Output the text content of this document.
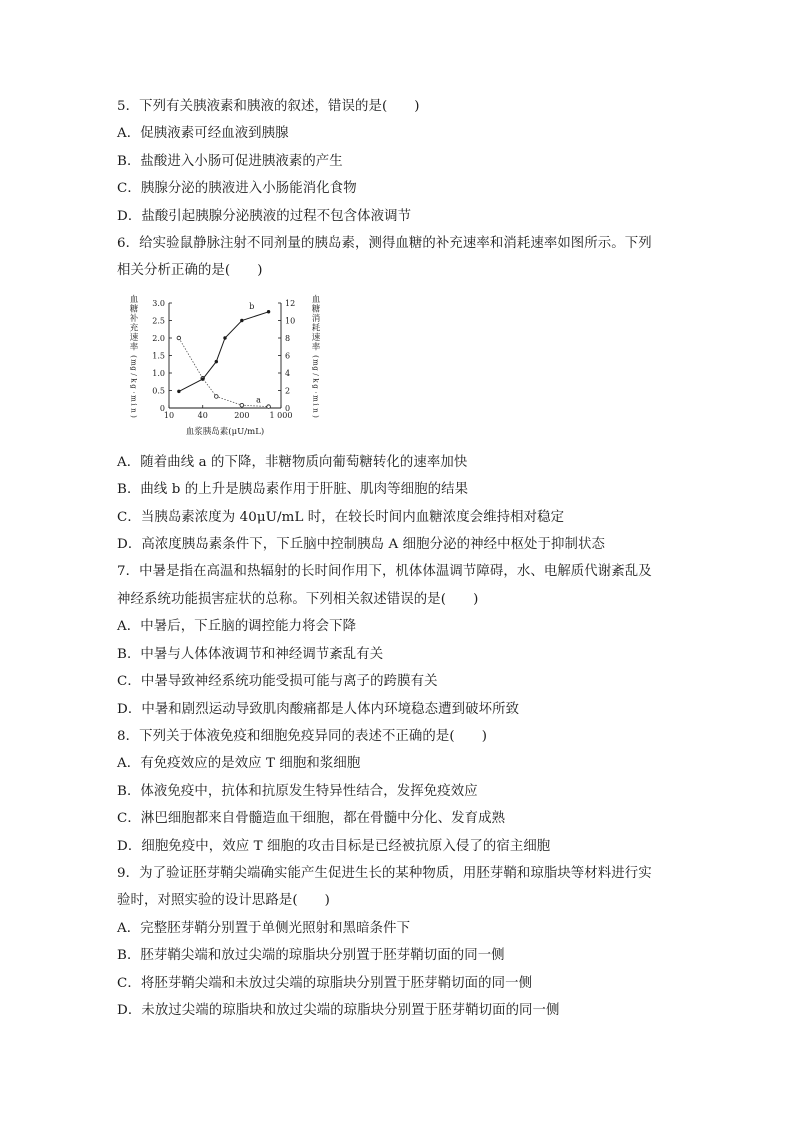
5．下列有关胰液素和胰液的叙述，错误的是(　　)
A．促胰液素可经血液到胰腺
B．盐酸进入小肠可促进胰液素的产生
C．胰腺分泌的胰液进入小肠能消化食物
D．盐酸引起胰腺分泌胰液的过程不包含体液调节
6．给实验鼠静脉注射不同剂量的胰岛素，测得血糖的补充速率和消耗速率如图所示。下列
相关分析正确的是(　　)
0
0.5
1.0
1.5
2.0
2.5
3.0
0
2
4
6
8
10
12
10	40	200	1 000
血
糖
补
充
速
率
(
m
g
/
k
g
·
m
i
n
)
血
糖
消
耗
速
率
(
m
g
/
k
g
·
m
i
n
)
血浆胰岛素(μU/mL)
a
b
A．随着曲线 a 的下降，非糖物质向葡萄糖转化的速率加快
B．曲线 b 的上升是胰岛素作用于肝脏、肌肉等细胞的结果
C．当胰岛素浓度为 40μU/mL 时，在较长时间内血糖浓度会维持相对稳定
D．高浓度胰岛素条件下，下丘脑中控制胰岛 A 细胞分泌的神经中枢处于抑制状态
7．中暑是指在高温和热辐射的长时间作用下，机体体温调节障碍，水、电解质代谢紊乱及
神经系统功能损害症状的总称。下列相关叙述错误的是(　　)
A．中暑后，下丘脑的调控能力将会下降
B．中暑与人体体液调节和神经调节紊乱有关
C．中暑导致神经系统功能受损可能与离子的跨膜有关
D．中暑和剧烈运动导致肌肉酸痛都是人体内环境稳态遭到破坏所致
8．下列关于体液免疫和细胞免疫异同的表述不正确的是(　　)
A．有免疫效应的是效应 T 细胞和浆细胞
B．体液免疫中，抗体和抗原发生特异性结合，发挥免疫效应
C．淋巴细胞都来自骨髓造血干细胞，都在骨髓中分化、发育成熟
D．细胞免疫中，效应 T 细胞的攻击目标是已经被抗原入侵了的宿主细胞
9．为了验证胚芽鞘尖端确实能产生促进生长的某种物质，用胚芽鞘和琼脂块等材料进行实
验时，对照实验的设计思路是(　　)
A．完整胚芽鞘分别置于单侧光照射和黑暗条件下
B．胚芽鞘尖端和放过尖端的琼脂块分别置于胚芽鞘切面的同一侧
C．将胚芽鞘尖端和未放过尖端的琼脂块分别置于胚芽鞘切面的同一侧
D．未放过尖端的琼脂块和放过尖端的琼脂块分别置于胚芽鞘切面的同一侧
